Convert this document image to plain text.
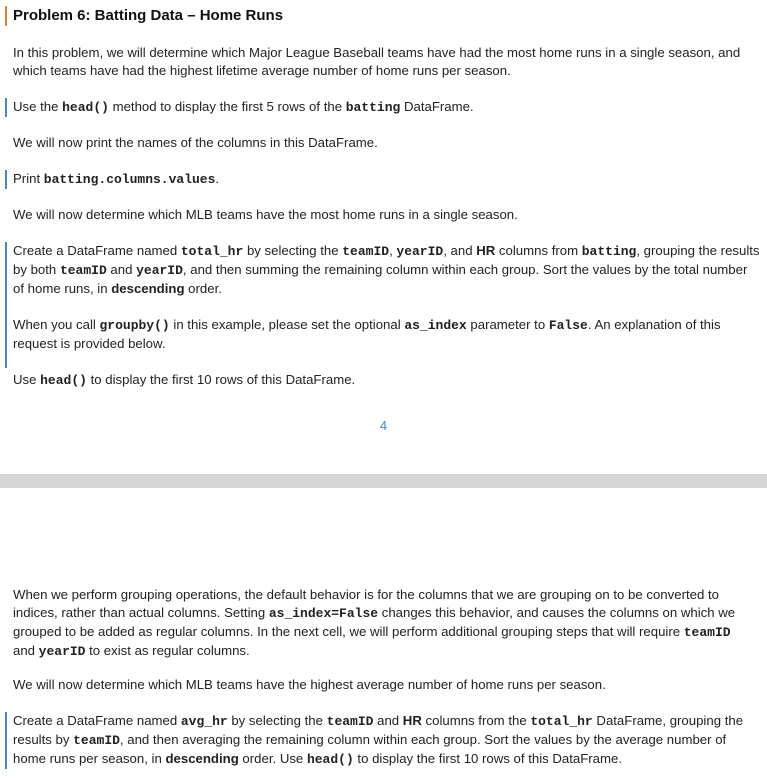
Problem 6: Batting Data – Home Runs
In this problem, we will determine which Major League Baseball teams have had the most home runs in a single season, and which teams have had the highest lifetime average number of home runs per season.
Use the head() method to display the first 5 rows of the batting DataFrame.
We will now print the names of the columns in this DataFrame.
Print batting.columns.values.
We will now determine which MLB teams have the most home runs in a single season.
Create a DataFrame named total_hr by selecting the teamID, yearID, and HR columns from batting, grouping the results by both teamID and yearID, and then summing the remaining column within each group. Sort the values by the total number of home runs, in descending order.
When you call groupby() in this example, please set the optional as_index parameter to False. An explanation of this request is provided below.
Use head() to display the first 10 rows of this DataFrame.
4
When we perform grouping operations, the default behavior is for the columns that we are grouping on to be converted to indices, rather than actual columns. Setting as_index=False changes this behavior, and causes the columns on which we grouped to be added as regular columns. In the next cell, we will perform additional grouping steps that will require teamID and yearID to exist as regular columns.
We will now determine which MLB teams have the highest average number of home runs per season.
Create a DataFrame named avg_hr by selecting the teamID and HR columns from the total_hr DataFrame, grouping the results by teamID, and then averaging the remaining column within each group. Sort the values by the average number of home runs per season, in descending order. Use head() to display the first 10 rows of this DataFrame.
